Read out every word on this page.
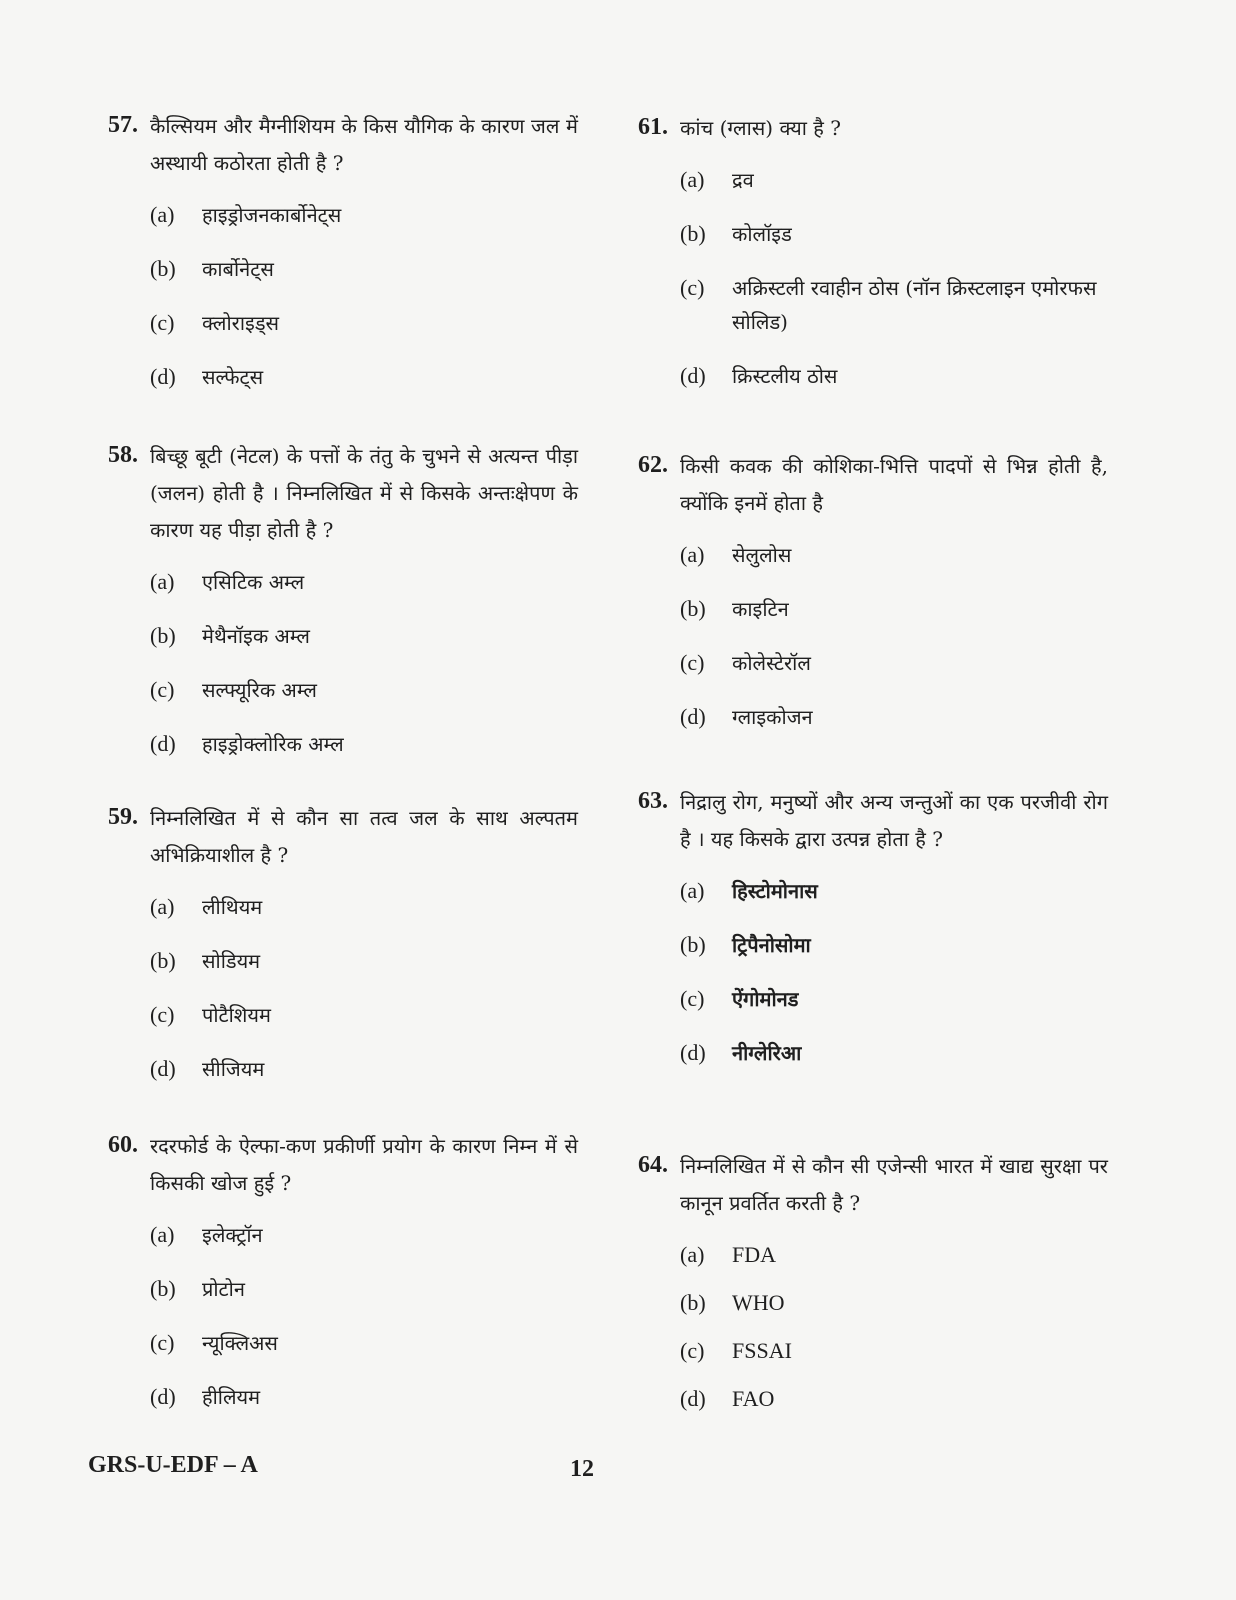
57. कैल्सियम और मैग्नीशियम के किस यौगिक के कारण जल में अस्थायी कठोरता होती है ?
(a)	हाइड्रोजनकार्बोनेट्स
(b)	कार्बोनेट्स
(c)	क्लोराइड्स
(d)	सल्फेट्स
58. बिच्छू बूटी (नेटल) के पत्तों के तंतु के चुभने से अत्यन्त पीड़ा (जलन) होती है । निम्नलिखित में से किसके अन्तःक्षेपण के कारण यह पीड़ा होती है ?
(a)	एसिटिक अम्ल
(b)	मेथैनॉइक अम्ल
(c)	सल्फ्यूरिक अम्ल
(d)	हाइड्रोक्लोरिक अम्ल
59. निम्नलिखित में से कौन सा तत्व जल के साथ अल्पतम अभिक्रियाशील है ?
(a)	लीथियम
(b)	सोडियम
(c)	पोटैशियम
(d)	सीजियम
60. रदरफोर्ड के ऐल्फा-कण प्रकीर्णी प्रयोग के कारण निम्न में से किसकी खोज हुई ?
(a)	इलेक्ट्रॉन
(b)	प्रोटोन
(c)	न्यूक्लिअस
(d)	हीलियम
61. कांच (ग्लास) क्या है ?
(a)	द्रव
(b)	कोलॉइड
(c)	अक्रिस्टली रवाहीन ठोस (नॉन क्रिस्टलाइन एमोरफस सोलिड)
(d)	क्रिस्टलीय ठोस
62. किसी कवक की कोशिका-भित्ति पादपों से भिन्न होती है, क्योंकि इनमें होता है
(a)	सेलुलोस
(b)	काइटिन
(c)	कोलेस्टेरॉल
(d)	ग्लाइकोजन
63. निद्रालु रोग, मनुष्यों और अन्य जन्तुओं का एक परजीवी रोग है । यह किसके द्वारा उत्पन्न होता है ?
(a)	हिस्टोमोनास
(b)	ट्रिपैनोसोमा
(c)	ऐंगोमोनड
(d)	नीग्लेरिआ
64. निम्नलिखित में से कौन सी एजेन्सी भारत में खाद्य सुरक्षा पर कानून प्रवर्तित करती है ?
(a)	FDA
(b)	WHO
(c)	FSSAI
(d)	FAO
GRS-U-EDF – A	12
